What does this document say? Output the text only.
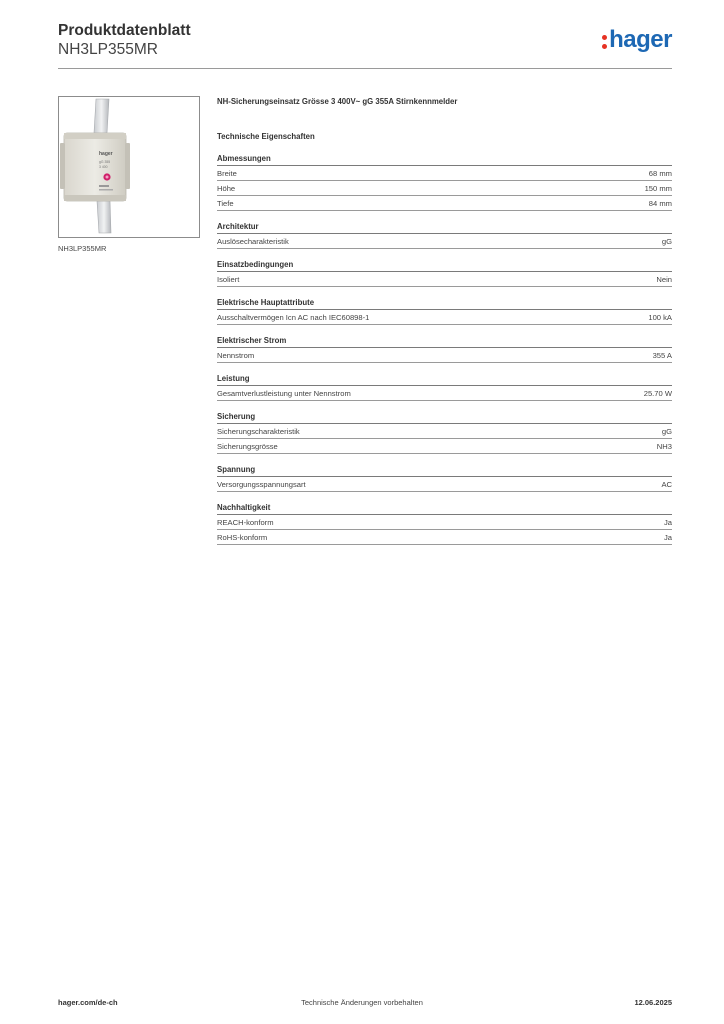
Produktdatenblatt
NH3LP355MR	hager
hager
gG 355
3 400
NH3LP355MR
NH-Sicherungseinsatz Grösse 3 400V~ gG 355A Stirnkennmelder
Technische Eigenschaften
Abmessungen
Breite	68 mm
Höhe	150 mm
Tiefe	84 mm
Architektur
Auslösecharakteristik	gG
Einsatzbedingungen
Isoliert	Nein
Elektrische Hauptattribute
Ausschaltvermögen Icn AC nach IEC60898-1	100 kA
Elektrischer Strom
Nennstrom	355 A
Leistung
Gesamtverlustleistung unter Nennstrom	25.70 W
Sicherung
Sicherungscharakteristik	gG
Sicherungsgrösse	NH3
Spannung
Versorgungsspannungsart	AC
Nachhaltigkeit
REACH-konform	Ja
RoHS-konform	Ja
hager.com/de-ch	Technische Änderungen vorbehalten	12.06.2025
